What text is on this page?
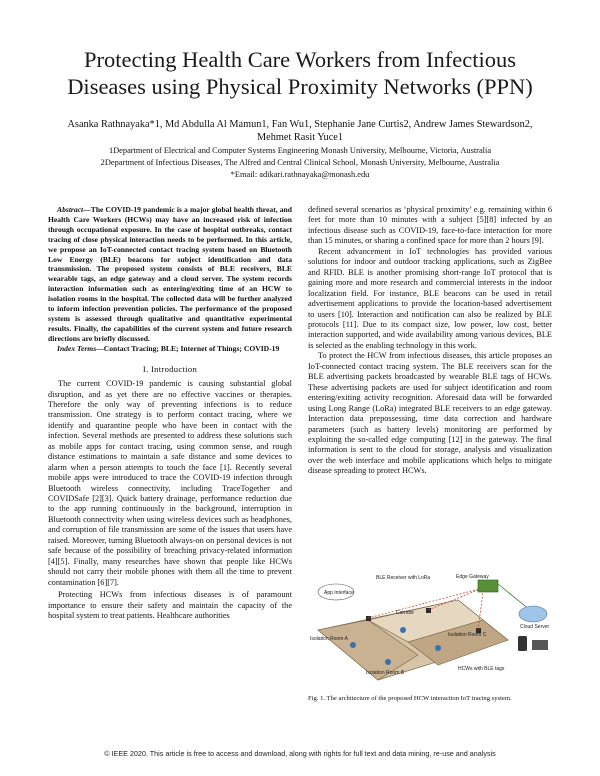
Protecting Health Care Workers from Infectious
Diseases using Physical Proximity Networks (PPN)
Asanka Rathnayaka*1, Md Abdulla Al Mamun1, Fan Wu1, Stephanie Jane Curtis2, Andrew James Stewardson2,
Mehmet Rasit Yuce1
1Department of Electrical and Computer Systems Engineering Monash University, Melbourne, Victoria, Australia
2Department of Infectious Diseases, The Alfred and Central Clinical School, Monash University, Melbourne, Australia
*Email: adikari.rathnayaka@monash.edu

Abstract—The COVID-19 pandemic is a major global health threat, and Health Care Workers (HCWs) may have an increased risk of infection through occupational exposure. In the case of hospital outbreaks, contact tracing of close physical interaction needs to be performed. In this article, we propose an IoT-connected contact tracing system based on Bluetooth Low Energy (BLE) beacons for subject identification and data transmission. The proposed system consists of BLE receivers, BLE wearable tags, an edge gateway and a cloud server. The system records interaction information such as entering/exiting time of an HCW to isolation rooms in the hospital. The collected data will be further analyzed to inform infection prevention policies. The performance of the proposed system is assessed through qualitative and quantitative experimental results. Finally, the capabilities of the current system and future research directions are briefly discussed.

Index Terms—Contact Tracing; BLE; Internet of Things; COVID-19

I. Introduction

The current COVID-19 pandemic is causing substantial global disruption, and as yet there are no effective vaccines or therapies. Therefore the only way of preventing infections is to reduce transmission. One strategy is to perform contact tracing, where we identify and quarantine people who have been in contact with the infection. Several methods are presented to address these solutions such as mobile apps for contact tracing, using common sense, and rough distance estimations to maintain a safe distance and some devices to alarm when a person attempts to touch the face [1]. Recently several mobile apps were introduced to trace the COVID-19 infection through Bluetooth wireless connectivity, including TraceTogether and COVIDSafe [2][3]. Quick battery drainage, performance reduction due to the app running continuously in the background, interruption in Bluetooth connectivity when using wireless devices such as headphones, and corruption of file transmission are some of the issues that users have raised. Moreover, turning Bluetooth always-on on personal devices is not safe because of the possibility of breaching privacy-related information [4][5]. Finally, many researches have shown that people like HCWs should not carry their mobile phones with them all the time to prevent contamination [6][7].

Protecting HCWs from infectious diseases is of paramount importance to ensure their safety and maintain the capacity of the hospital system to treat patients. Healthcare authorities

defined several scenarios as ‘physical proximity’ e.g. remaining within 6 feet for more than 10 minutes with a subject [5][8] infected by an infectious disease such as COVID-19, face-to-face interaction for more than 15 minutes, or sharing a confined space for more than 2 hours [9].

Recent advancement in IoT technologies has provided various solutions for indoor and outdoor tracking applications, such as ZigBee and RFID. BLE is another promising short-range IoT protocol that is gaining more and more research and commercial interests in the indoor localization field. For instance, BLE beacons can be used in retail advertisement applications to provide the location-based advertisement to users [10]. Interaction and notification can also be realized by BLE protocols [11]. Due to its compact size, low power, low cost, better interaction supported, and wide availability among various devices, BLE is selected as the enabling technology in this work.

To protect the HCW from infectious diseases, this article proposes an IoT-connected contact tracing system. The BLE receivers scan for the BLE advertising packets broadcasted by wearable BLE tags of HCWs. These advertising packets are used for subject identification and room entering/exiting activity recognition. Aforesaid data will be forwarded using Long Range (LoRa) integrated BLE receivers to an edge gateway. Interaction data prepossessing, time data correction and hardware parameters (such as battery levels) monitoring are performed by exploiting the so-called edge computing [12] in the gateway. The final information is sent to the cloud for storage, analysis and visualization over the web interface and mobile applications which helps to mitigate disease spreading to protect HCWs.

BLE Receiver with LoRa	Edge Gateway
App Interface
Cloud Server
Corridor
Isolation Room A
Isolation Room B
Isolation Room C
HCWs with BLE tags
Fig. 1. The architecture of the proposed HCW interaction IoT tracing system.
© IEEE 2020. This article is free to access and download, along with rights for full text and data mining, re-use and analysis
